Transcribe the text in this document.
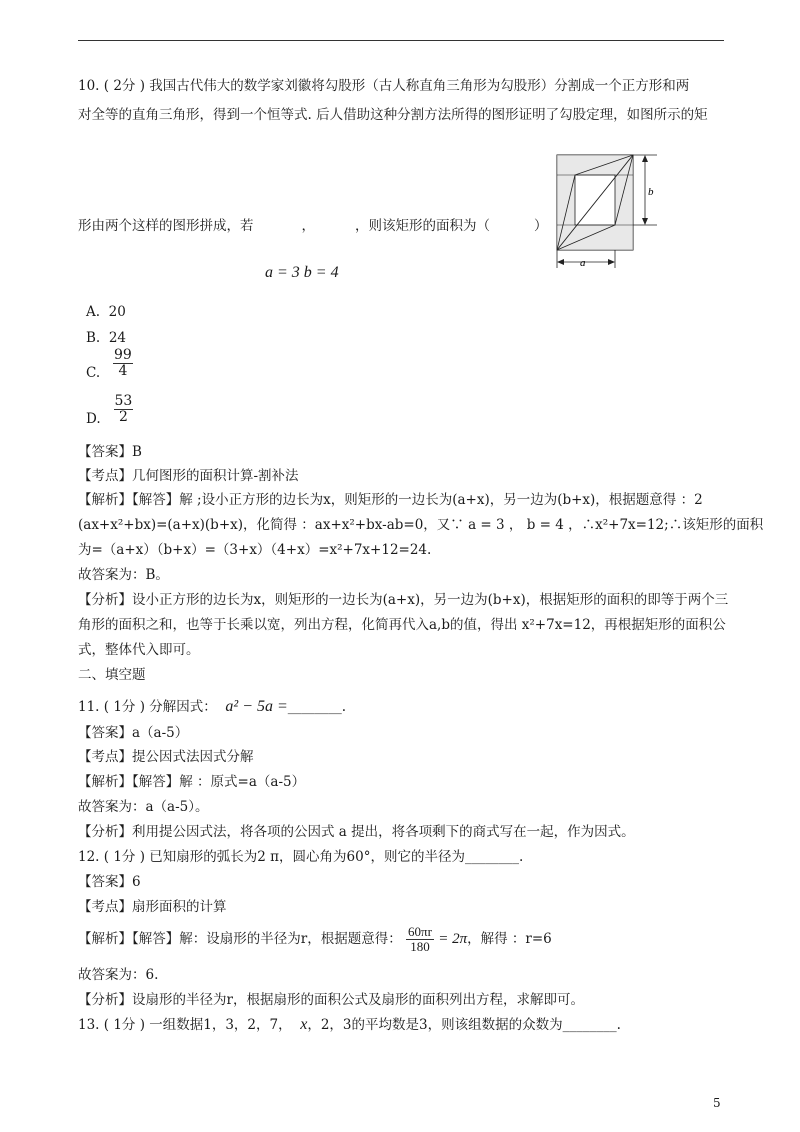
10. ( 2分 ) 我国古代伟大的数学家刘徽将勾股形（古人称直角三角形为勾股形）分割成一个正方形和两
对全等的直角三角形，得到一个恒等式. 后人借助这种分割方法所得的图形证明了勾股定理，如图所示的矩
形由两个这样的图形拼成，若	，	，则该矩形的面积为（	）
a = 3 b = 4
a
b
A. 20
B. 24
C. $\frac{99}{4}$
D. $\frac{53}{2}$
【答案】B
【考点】几何图形的面积计算-割补法
【解析】【解答】解 ;设小正方形的边长为x，则矩形的一边长为(a+x)，另一边为(b+x)，根据题意得 ：2
(ax+x²+bx)=(a+x)(b+x)，化简得 ：ax+x²+bx-ab=0，又∵ a = 3 ， b = 4 ，∴x²+7x=12;∴该矩形的面积
为=（a+x）（b+x）=（3+x）（4+x）=x²+7x+12=24.
故答案为：B。
【分析】设小正方形的边长为x，则矩形的一边长为(a+x)，另一边为(b+x)，根据矩形的面积的即等于两个三
角形的面积之和，也等于长乘以宽，列出方程，化简再代入a,b的值，得出 x²+7x=12，再根据矩形的面积公
式，整体代入即可。
二、填空题
11. ( 1分 ) 分解因式： a² − 5a =________.
【答案】a（a-5）
【考点】提公因式法因式分解
【解析】【解答】解 ：原式=a（a-5）
故答案为：a（a-5）。
【分析】利用提公因式法，将各项的公因式 a 提出，将各项剩下的商式写在一起，作为因式。
12. ( 1分 ) 已知扇形的弧长为2 π，圆心角为60°，则它的半径为________.
【答案】6
【考点】扇形面积的计算
【解析】【解答】解：设扇形的半径为r，根据题意得： $\frac{60\pi r}{180} = 2\pi$，解得 ：r=6
故答案为：6.
【分析】设扇形的半径为r，根据扇形的面积公式及扇形的面积列出方程，求解即可。
13. ( 1分 ) 一组数据1，3，2，7， x，2，3的平均数是3，则该组数据的众数为________.
5
